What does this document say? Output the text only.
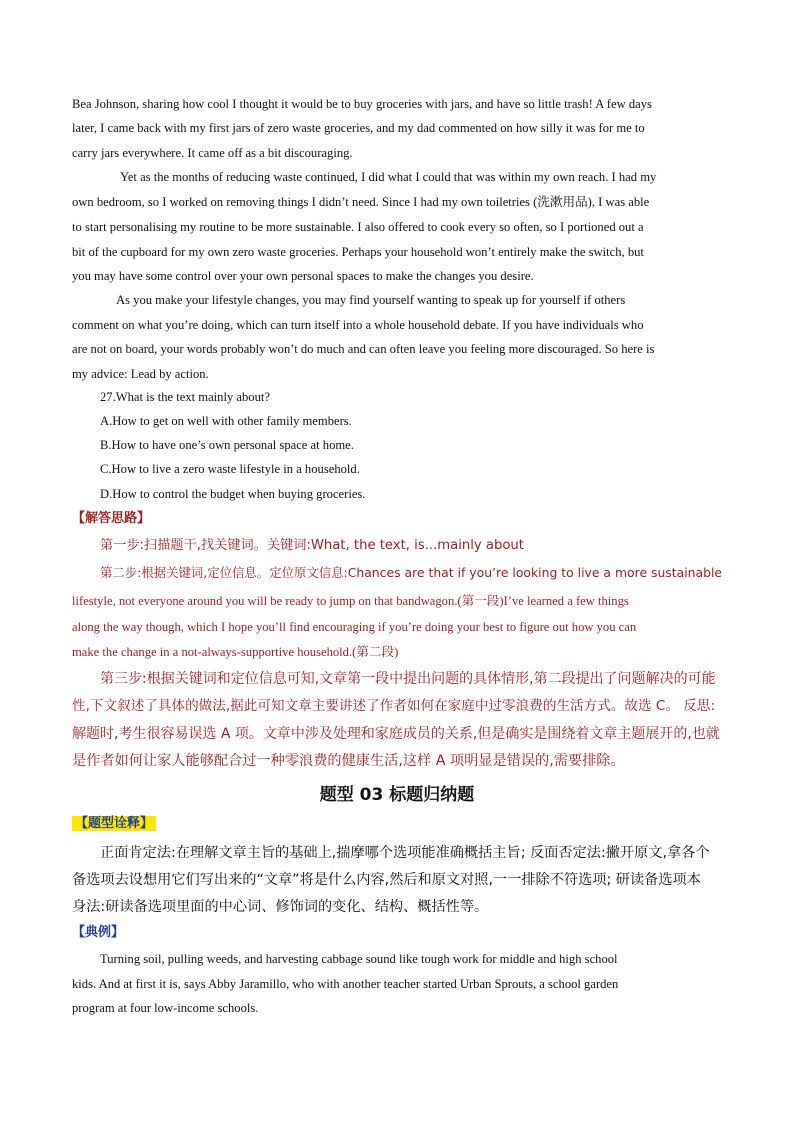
Bea Johnson, sharing how cool I thought it would be to buy groceries with jars, and have so little trash! A few days
later, I came back with my first jars of zero waste groceries, and my dad commented on how silly it was for me to
carry jars everywhere. It came off as a bit discouraging.
Yet as the months of reducing waste continued, I did what I could that was within my own reach. I had my
own bedroom, so I worked on removing things I didn’t need. Since I had my own toiletries (洗漱用品), I was able
to start personalising my routine to be more sustainable. I also offered to cook every so often, so I portioned out a
bit of the cupboard for my own zero waste groceries. Perhaps your household won’t entirely make the switch, but
you may have some control over your own personal spaces to make the changes you desire.
As you make your lifestyle changes, you may find yourself wanting to speak up for yourself if others
comment on what you’re doing, which can turn itself into a whole household debate. If you have individuals who
are not on board, your words probably won’t do much and can often leave you feeling more discouraged. So here is
my advice: Lead by action.
27.What is the text mainly about?
A.How to get on well with other family members.
B.How to have one’s own personal space at home.
C.How to live a zero waste lifestyle in a household.
D.How to control the budget when buying groceries.
【解答思路】
第一步:扫描题干,找关键词。关键词:What, the text, is...mainly about
第二步:根据关键词,定位信息。定位原文信息:Chances are that if you’re looking to live a more sustainable
lifestyle, not everyone around you will be ready to jump on that bandwagon.(第一段)I’ve learned a few things
along the way though, which I hope you’ll find encouraging if you’re doing your best to figure out how you can
make the change in a not-always-supportive household.(第二段)
第三步:根据关键词和定位信息可知,文章第一段中提出问题的具体情形,第二段提出了问题解决的可能
性,下文叙述了具体的做法,据此可知文章主要讲述了作者如何在家庭中过零浪费的生活方式。故选 C。 反思:
解题时,考生很容易误选 A 项。文章中涉及处理和家庭成员的关系,但是确实是围绕着文章主题展开的,也就
是作者如何让家人能够配合过一种零浪费的健康生活,这样 A 项明显是错误的,需要排除。
题型 03 标题归纳题
【题型诠释】
正面肯定法:在理解文章主旨的基础上,揣摩哪个选项能准确概括主旨; 反面否定法:撇开原文,拿各个
备选项去设想用它们写出来的“文章”将是什么内容,然后和原文对照,一一排除不符选项; 研读备选项本
身法:研读备选项里面的中心词、修饰词的变化、结构、概括性等。
【典例】
Turning soil, pulling weeds, and harvesting cabbage sound like tough work for middle and high school
kids. And at first it is, says Abby Jaramillo, who with another teacher started Urban Sprouts, a school garden
program at four low-income schools.
